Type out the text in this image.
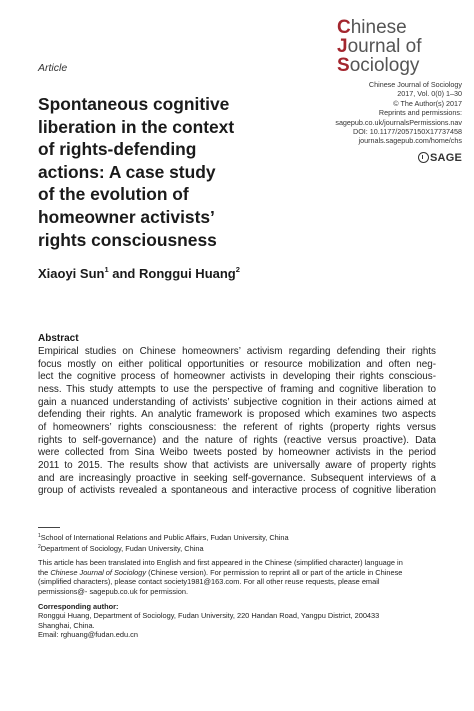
Article
Chinese
Journal of
Sociology
Chinese Journal of Sociology
2017, Vol. 0(0) 1–30
© The Author(s) 2017
Reprints and permissions:
sagepub.co.uk/journalsPermissions.nav
DOI: 10.1177/2057150X17737458
journals.sagepub.com/home/chs
SAGE
Spontaneous cognitive
liberation in the context
of rights-defending
actions: A case study
of the evolution of
homeowner activists’
rights consciousness
Xiaoyi Sun$^1$ and Ronggui Huang$^2$
Abstract
Empirical studies on Chinese homeowners’ activism regarding defending their rights
focus mostly on either political opportunities or resource mobilization and often neg-
lect the cognitive process of homeowner activists in developing their rights conscious-
ness. This study attempts to use the perspective of framing and cognitive liberation to
gain a nuanced understanding of activists’ subjective cognition in their actions aimed at
defending their rights. An analytic framework is proposed which examines two aspects
of homeowners’ rights consciousness: the referent of rights (property rights versus
rights to self-governance) and the nature of rights (reactive versus proactive). Data
were collected from Sina Weibo tweets posted by homeowner activists in the period
2011 to 2015. The results show that activists are universally aware of property rights
and are increasingly proactive in seeking self-governance. Subsequent interviews of a
group of activists revealed a spontaneous and interactive process of cognitive liberation
$^1$School of International Relations and Public Affairs, Fudan University, China
$^2$Department of Sociology, Fudan University, China
This article has been translated into English and first appeared in the Chinese (simplified character) language in
the Chinese Journal of Sociology (Chinese version). For permission to reprint all or part of the article in Chinese
(simplified characters), please contact society1981@163.com. For all other reuse requests, please email
permissions@- sagepub.co.uk for permission.
Corresponding author:
Ronggui Huang, Department of Sociology, Fudan University, 220 Handan Road, Yangpu District, 200433
Shanghai, China.
Email: rghuang@fudan.edu.cn
